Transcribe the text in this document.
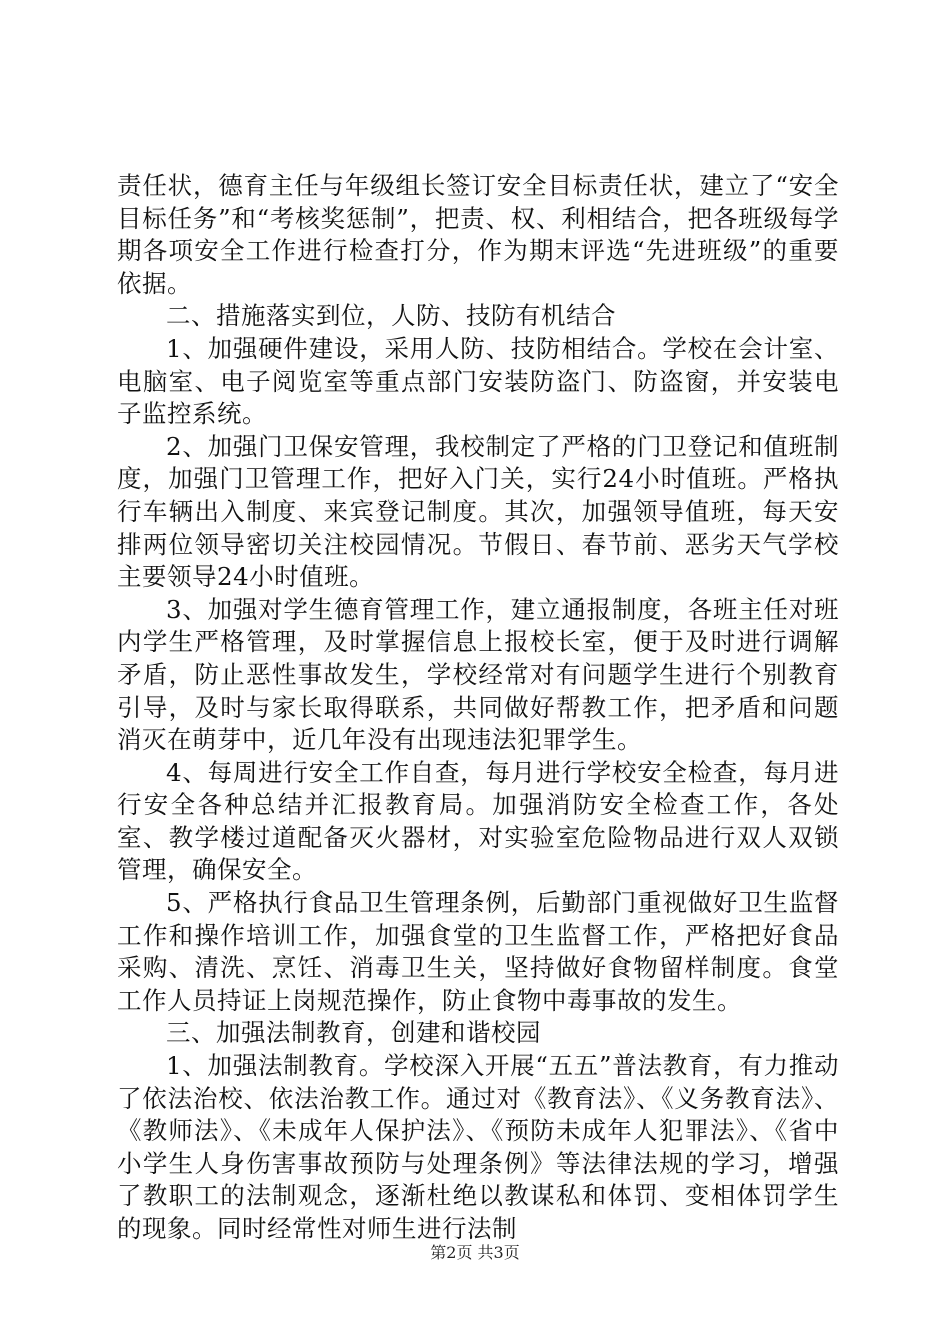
责任状，德育主任与年级组长签订安全目标责任状，建立了“安全目标任务”和“考核奖惩制”，把责、权、利相结合，把各班级每学期各项安全工作进行检查打分，作为期末评选“先进班级”的重要依据。

二、措施落实到位，人防、技防有机结合

1、加强硬件建设，采用人防、技防相结合。学校在会计室、电脑室、电子阅览室等重点部门安装防盗门、防盗窗，并安装电子监控系统。

2、加强门卫保安管理，我校制定了严格的门卫登记和值班制度，加强门卫管理工作，把好入门关，实行24小时值班。严格执行车辆出入制度、来宾登记制度。其次，加强领导值班，每天安排两位领导密切关注校园情况。节假日、春节前、恶劣天气学校主要领导24小时值班。

3、加强对学生德育管理工作，建立通报制度，各班主任对班内学生严格管理，及时掌握信息上报校长室，便于及时进行调解矛盾，防止恶性事故发生，学校经常对有问题学生进行个别教育引导，及时与家长取得联系，共同做好帮教工作，把矛盾和问题消灭在萌芽中，近几年没有出现违法犯罪学生。

4、每周进行安全工作自查，每月进行学校安全检查，每月进行安全各种总结并汇报教育局。加强消防安全检查工作，各处室、教学楼过道配备灭火器材，对实验室危险物品进行双人双锁管理，确保安全。

5、严格执行食品卫生管理条例，后勤部门重视做好卫生监督工作和操作培训工作，加强食堂的卫生监督工作，严格把好食品采购、清洗、烹饪、消毒卫生关，坚持做好食物留样制度。食堂工作人员持证上岗规范操作，防止食物中毒事故的发生。

三、加强法制教育，创建和谐校园

1、加强法制教育。学校深入开展“五五”普法教育，有力推动了依法治校、依法治教工作。通过对《教育法》、《义务教育法》、《教师法》、《未成年人保护法》、《预防未成年人犯罪法》、《省中小学生人身伤害事故预防与处理条例》等法律法规的学习，增强了教职工的法制观念，逐渐杜绝以教谋私和体罚、变相体罚学生的现象。同时经常性对师生进行法制

第2页 共3页
